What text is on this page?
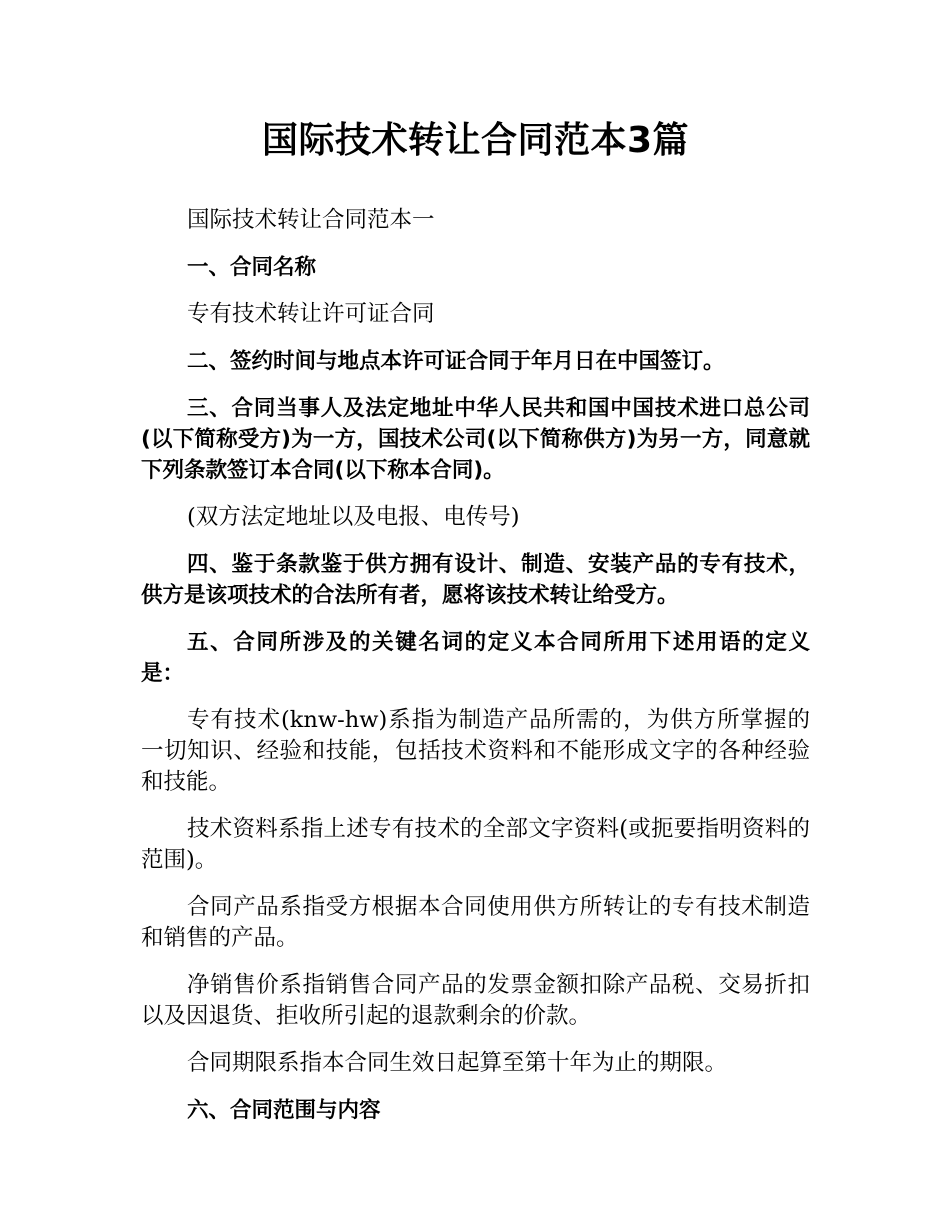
国际技术转让合同范本3篇

国际技术转让合同范本一

一、合同名称

专有技术转让许可证合同

二、签约时间与地点本许可证合同于年月日在中国签订。

三、合同当事人及法定地址中华人民共和国中国技术进口总公司(以下简称受方)为一方，国技术公司(以下简称供方)为另一方，同意就下列条款签订本合同(以下称本合同)。

(双方法定地址以及电报、电传号)

四、鉴于条款鉴于供方拥有设计、制造、安装产品的专有技术，供方是该项技术的合法所有者，愿将该技术转让给受方。

五、合同所涉及的关键名词的定义本合同所用下述用语的定义是：

专有技术(knw-hw)系指为制造产品所需的，为供方所掌握的一切知识、经验和技能，包括技术资料和不能形成文字的各种经验和技能。

技术资料系指上述专有技术的全部文字资料(或扼要指明资料的范围)。

合同产品系指受方根据本合同使用供方所转让的专有技术制造和销售的产品。

净销售价系指销售合同产品的发票金额扣除产品税、交易折扣以及因退货、拒收所引起的退款剩余的价款。

合同期限系指本合同生效日起算至第十年为止的期限。

六、合同范围与内容
